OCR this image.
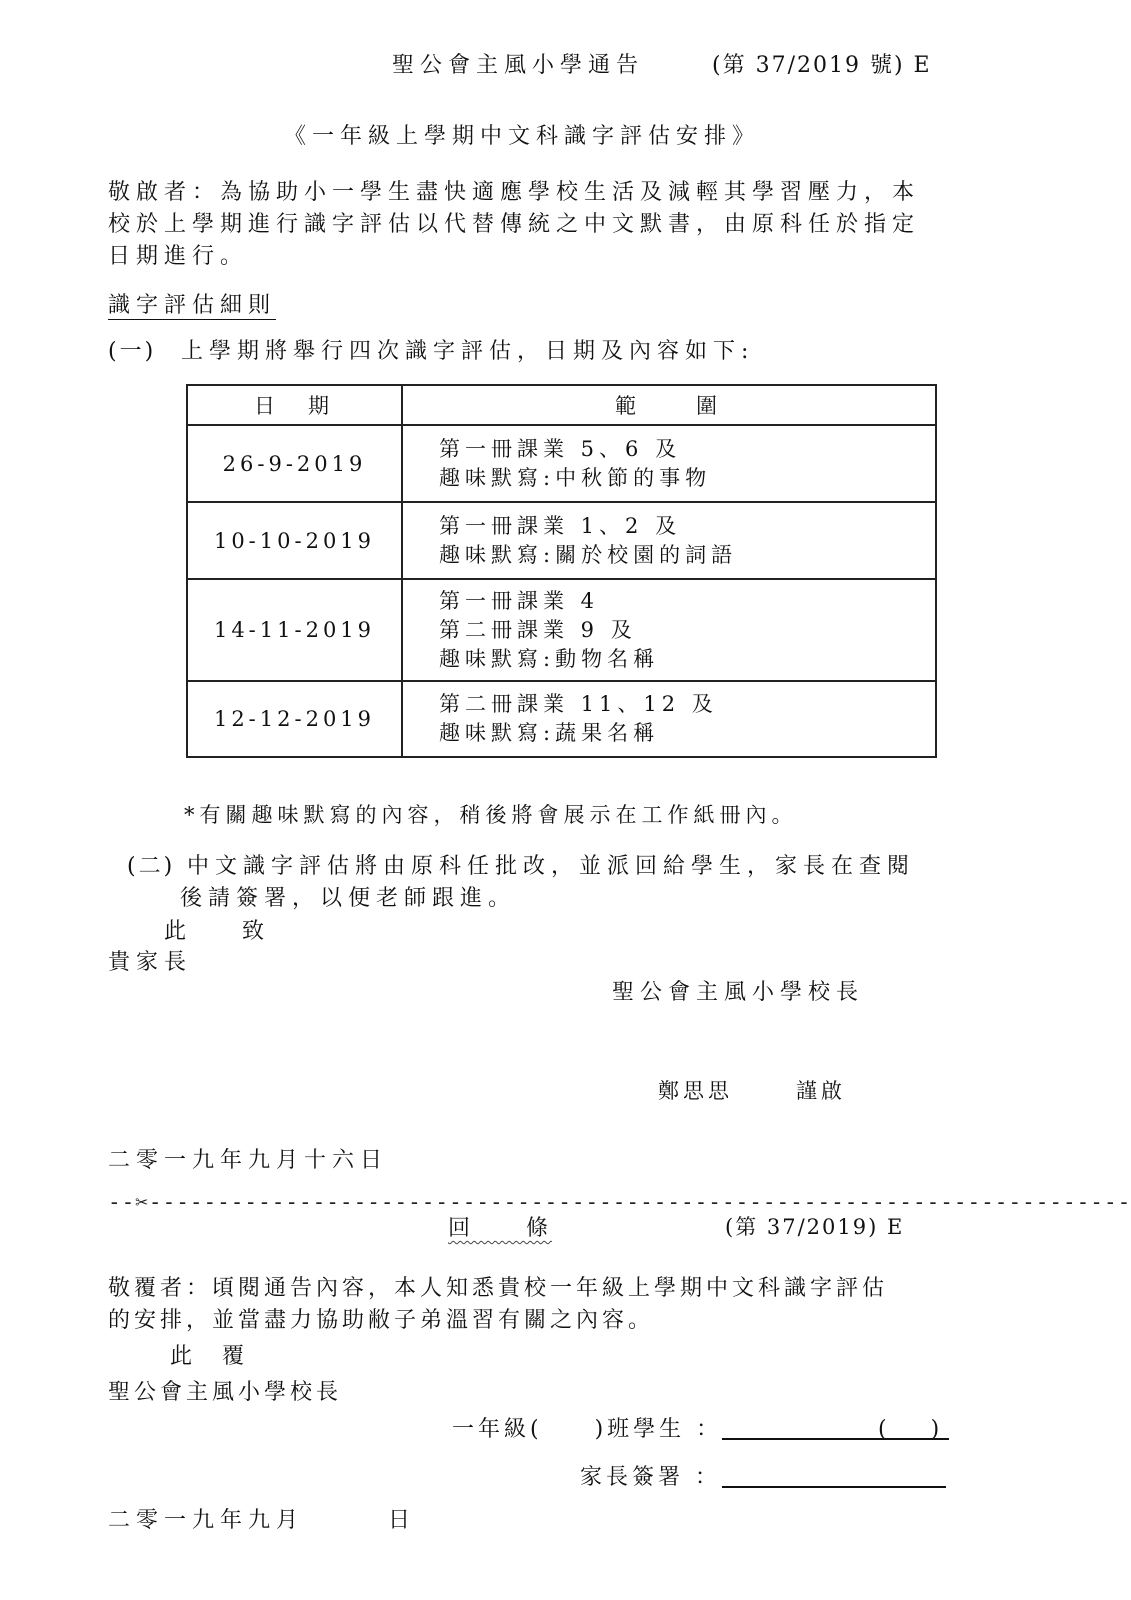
聖公會主風小學通告	(第 37/2019 號) E
《一年級上學期中文科識字評估安排》
敬啟者：為協助小一學生盡快適應學校生活及減輕其學習壓力，本
校於上學期進行識字評估以代替傳統之中文默書，由原科任於指定
日期進行。
識字評估細則
(一) 上學期將舉行四次識字評估，日期及內容如下:
日　期	範　　圍
26-9-2019	第一冊課業 5、6 及
趣味默寫:中秋節的事物

10-10-2019	第一冊課業 1、2 及
趣味默寫:關於校園的詞語

14-11-2019	第一冊課業 4
第二冊課業 9 及
趣味默寫:動物名稱

12-12-2019	第二冊課業 11、12 及
趣味默寫:蔬果名稱
*有關趣味默寫的內容，稍後將會展示在工作紙冊內。
(二) 中文識字評估將由原科任批改，並派回給學生，家長在查閱
後請簽署，以便老師跟進。
此　　致
貴家長
聖公會主風小學校長
鄭思思	謹啟
二零一九年九月十六日
--✂------------------------------------------------------------------------
回　　條	(第 37/2019) E
敬覆者：頃閱通告內容，本人知悉貴校一年級上學期中文科識字評估
的安排，並當盡力協助敝子弟溫習有關之內容。
此　覆
聖公會主風小學校長
一年級(　　)班學生 ：	(　　)
家長簽署 ：
二零一九年九月　　　日
